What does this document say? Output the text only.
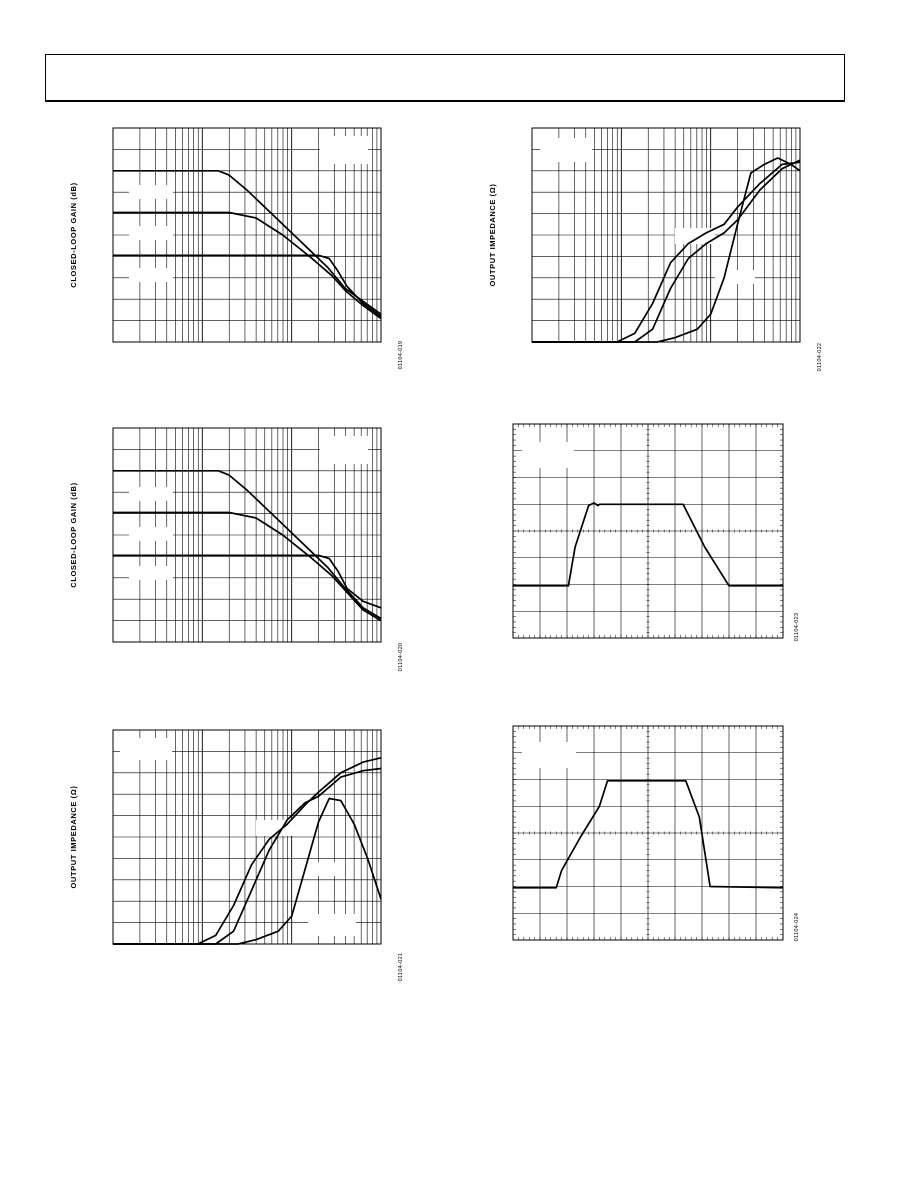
CLOSED-LOOP GAIN (dB)
01104-019
CLOSED-LOOP GAIN (dB)
01104-020
OUTPUT IMPEDANCE (Ω)
01104-021
OUTPUT IMPEDANCE (Ω)
01104-022
01104-023
01104-024
